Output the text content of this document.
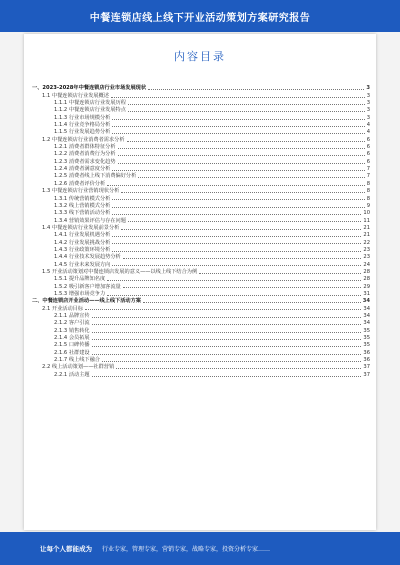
中餐连锁店线上线下开业活动策划方案研究报告
内容目录
一、2023-2028年中餐连锁店行业市场发展现状	3
1.1 中餐连锁店行业发展概述	3
1.1.1 中餐连锁店行业发展历程	3
1.1.2 中餐连锁店行业发展特点	3
1.1.3 行业市场规模分析	3
1.1.4 行业竞争格局分析	4
1.1.5 行业发展趋势分析	4
1.2 中餐连锁店行业消费者需求分析	6
1.2.1 消费者群体特征分析	6
1.2.2 消费者消费行为分析	6
1.2.3 消费者需求变化趋势	6
1.2.4 消费者满意度分析	7
1.2.5 消费者线上线下消费偏好分析	7
1.2.6 消费者评价分析	8
1.3 中餐连锁店行业营销现状分析	8
1.3.1 传统营销模式分析	8
1.3.2 线上营销模式分析	9
1.3.3 线下营销活动分析	10
1.3.4 营销效果评估与存在问题	11
1.4 中餐连锁店行业发展前景分析	21
1.4.1 行业发展机遇分析	21
1.4.2 行业发展挑战分析	22
1.4.3 行业政策环境分析	23
1.4.4 行业技术发展趋势分析	23
1.4.5 行业未来发展方向	24
1.5 开业活动策划对中餐连锁店发展的意义——以线上线下结合为例	28
1.5.1 提升品牌知名度	28
1.5.2 吸引新客户增加客流量	29
1.5.3 增强市场竞争力	31
二、中餐连锁店开业活动——线上线下活动方案	34
2.1 开业活动目标	34
2.1.1 品牌宣传	34
2.1.2 客户引流	34
2.1.3 销售转化	35
2.1.4 会员拓展	35
2.1.5 口碑传播	35
2.1.6 社群建设	36
2.1.7 线上线下融合	36
2.2 线上活动策划——社群营销	37
2.2.1 活动主题	37
让每个人都能成为 行业专家，管理专家，营销专家，战略专家，投资分析专家……
